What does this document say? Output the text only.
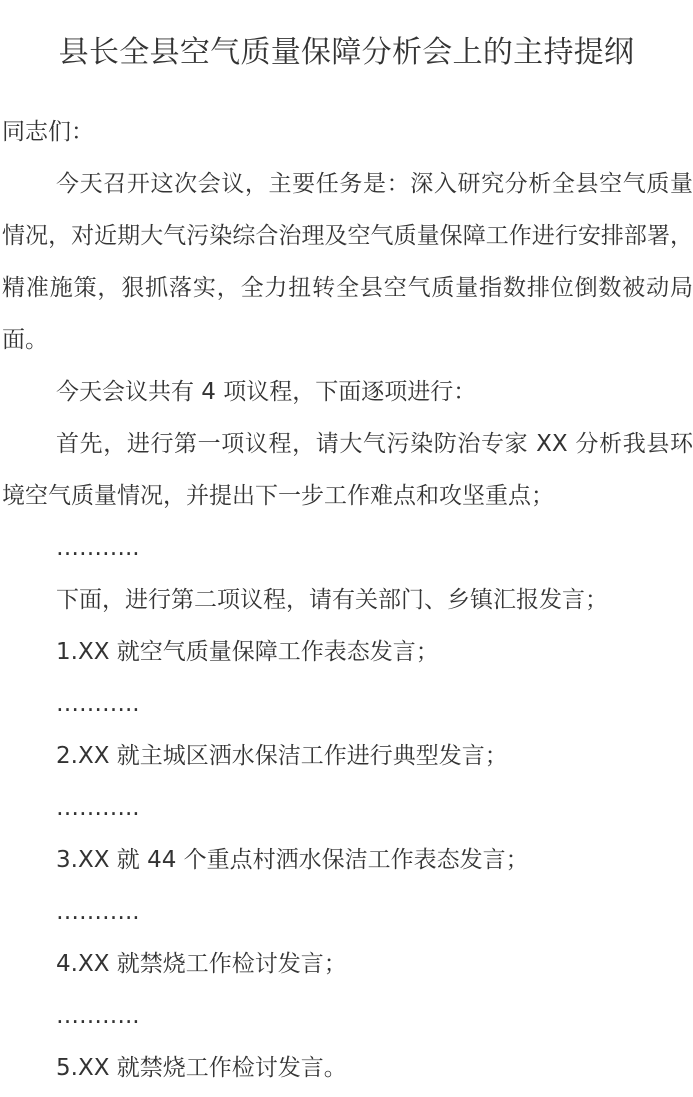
县长全县空气质量保障分析会上的主持提纲

同志们：

今天召开这次会议，主要任务是：深入研究分析全县空气质量情况，对近期大气污染综合治理及空气质量保障工作进行安排部署，精准施策，狠抓落实，全力扭转全县空气质量指数排位倒数被动局面。

今天会议共有 4 项议程，下面逐项进行：

首先，进行第一项议程，请大气污染防治专家 XX 分析我县环境空气质量情况，并提出下一步工作难点和攻坚重点；

………..

下面，进行第二项议程，请有关部门、乡镇汇报发言；

1.XX 就空气质量保障工作表态发言；

………..

2.XX 就主城区洒水保洁工作进行典型发言；

………..

3.XX 就 44 个重点村洒水保洁工作表态发言；

………..

4.XX 就禁烧工作检讨发言；

………..

5.XX 就禁烧工作检讨发言。
